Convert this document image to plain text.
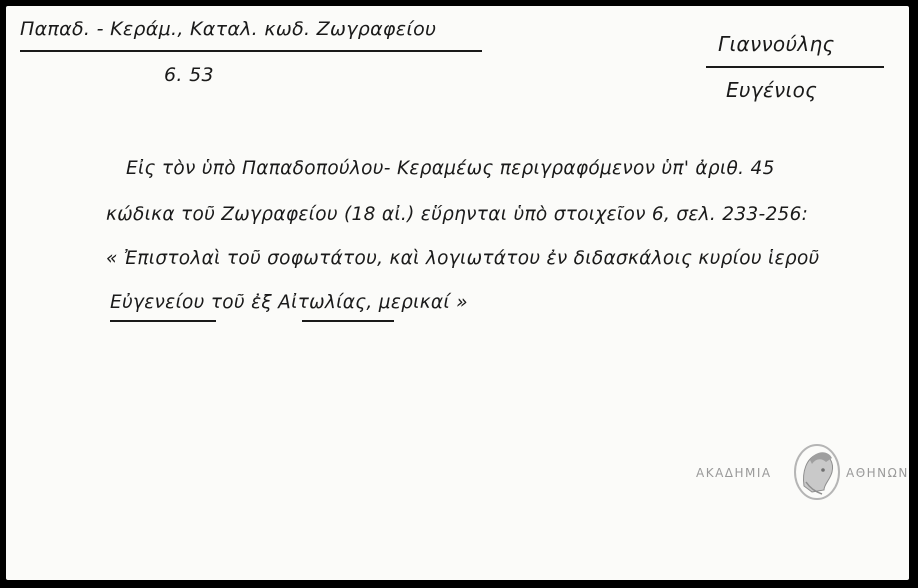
Παπαδ. - Κεράμ., Καταλ. κωδ. Ζωγραφείου
6. 53
Γιαννούλης
Ευγένιος
Εἰς τὸν ὑπὸ Παπαδοπούλου- Κεραμέως περιγραφόμενον ὑπ' ἀριθ. 45
κώδικα τοῦ Ζωγραφείου (18 αἰ.) εὕρηνται ὑπὸ στοιχεῖον 6, σελ. 233-256:
« Ἐπιστολαὶ τοῦ σοφωτάτου, καὶ λογιωτάτου ἐν διδασκάλοις κυρίου ἱεροῦ
Εὐγενείου τοῦ ἐξ Αἰτωλίας, μερικαί »
ΑΚΑΔΗΜΙΑ	ΑΘΗΝΩΝ
